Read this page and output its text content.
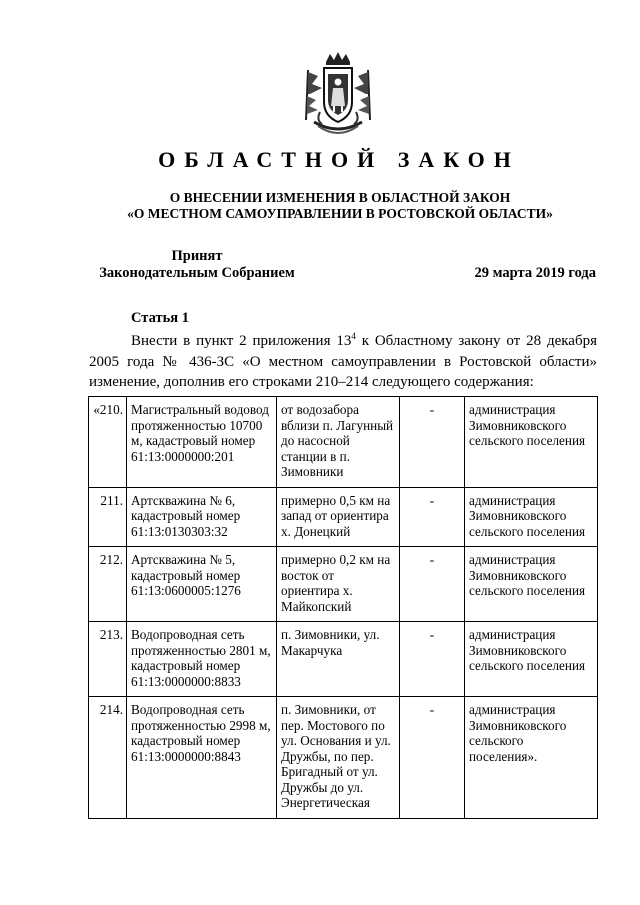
ОБЛАСТНОЙ ЗАКОН
О ВНЕСЕНИИ ИЗМЕНЕНИЯ В ОБЛАСТНОЙ ЗАКОН
«О МЕСТНОМ САМОУПРАВЛЕНИИ В РОСТОВСКОЙ ОБЛАСТИ»
Принят
Законодательным Собранием	29 марта 2019 года
Статья 1
Внести в пункт 2 приложения $13^4$ к Областному закону от 28 декабря
2005 года № 436-ЗС «О местном самоуправлении в Ростовской области»
изменение, дополнив его строками 210–214 следующего содержания:
«210.	Магистральный водовод протяженностью 10700 м, кадастровый номер 61:13:0000000:201	от водозабора вблизи п. Лагунный до насосной станции в п. Зимовники	-	администрация Зимовниковского сельского поселения
211.	Артскважина № 6, кадастровый номер 61:13:0130303:32	примерно 0,5 км на запад от ориентира х. Донецкий	-	администрация Зимовниковского сельского поселения
212.	Артскважина № 5, кадастровый номер 61:13:0600005:1276	примерно 0,2 км на восток от ориентира х. Майкопский	-	администрация Зимовниковского сельского поселения
213.	Водопроводная сеть протяженностью 2801 м, кадастровый номер 61:13:0000000:8833	п. Зимовники, ул. Макарчука	-	администрация Зимовниковского сельского поселения
214.	Водопроводная сеть протяженностью 2998 м, кадастровый номер 61:13:0000000:8843	п. Зимовники, от пер. Мостового по ул. Основания и ул. Дружбы, по пер. Бригадный от ул. Дружбы до ул. Энергетическая	-	администрация Зимовниковского сельского поселения».
